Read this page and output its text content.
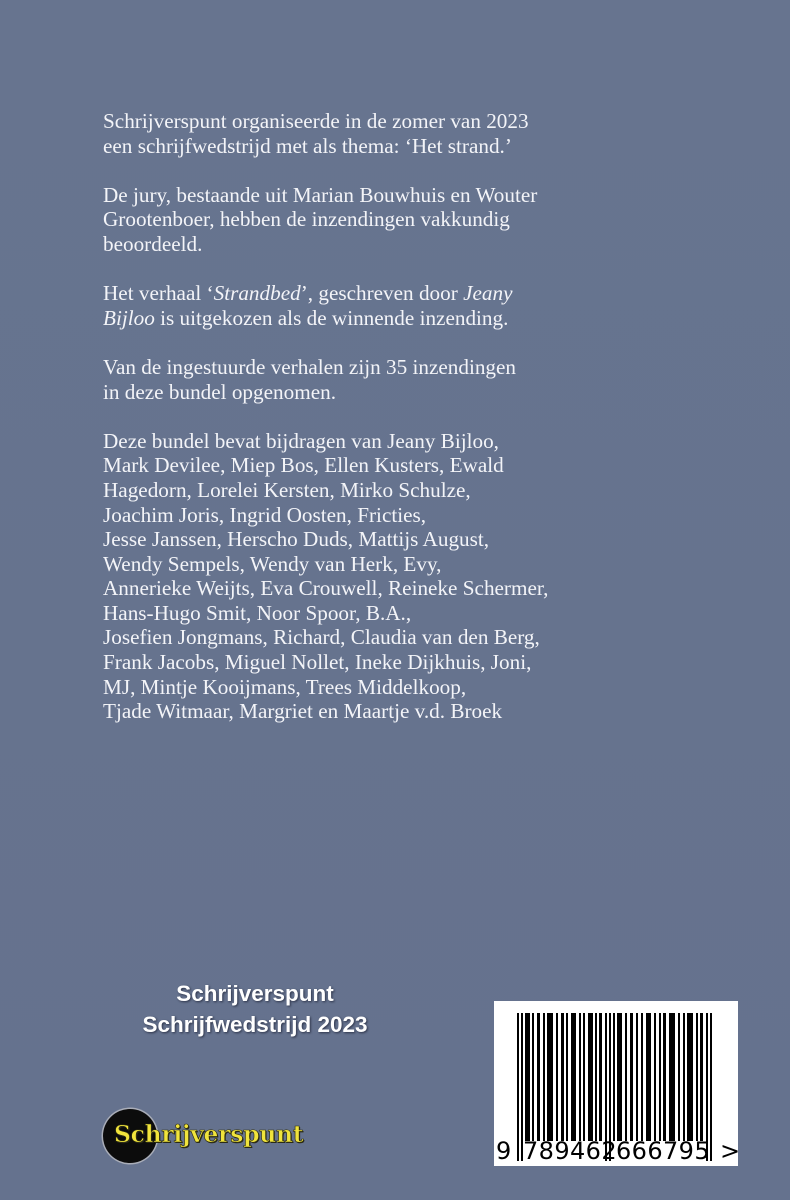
Schrijverspunt organiseerde in de zomer van 2023
een schrijfwedstrijd met als thema: ‘Het strand.’

De jury, bestaande uit Marian Bouwhuis en Wouter
Grootenboer, hebben de inzendingen vakkundig
beoordeeld.

Het verhaal ‘Strandbed’, geschreven door Jeany
Bijloo is uitgekozen als de winnende inzending.

Van de ingestuurde verhalen zijn 35 inzendingen
in deze bundel opgenomen.

Deze bundel bevat bijdragen van Jeany Bijloo,
Mark Devilee, Miep Bos, Ellen Kusters, Ewald
Hagedorn, Lorelei Kersten, Mirko Schulze,
Joachim Joris, Ingrid Oosten, Fricties,
Jesse Janssen, Herscho Duds, Mattijs August,
Wendy Sempels, Wendy van Herk, Evy,
Annerieke Weijts, Eva Crouwell, Reineke Schermer,
Hans-Hugo Smit, Noor Spoor, B.A.,
Josefien Jongmans, Richard, Claudia van den Berg,
Frank Jacobs, Miguel Nollet, Ineke Dijkhuis, Joni,
MJ, Mintje Kooijmans, Trees Middelkoop,
Tjade Witmaar, Margriet en Maartje v.d. Broek

Schrijverspunt
Schrijfwedstrijd 2023
Schrijverspunt
9 789462
666795 >
